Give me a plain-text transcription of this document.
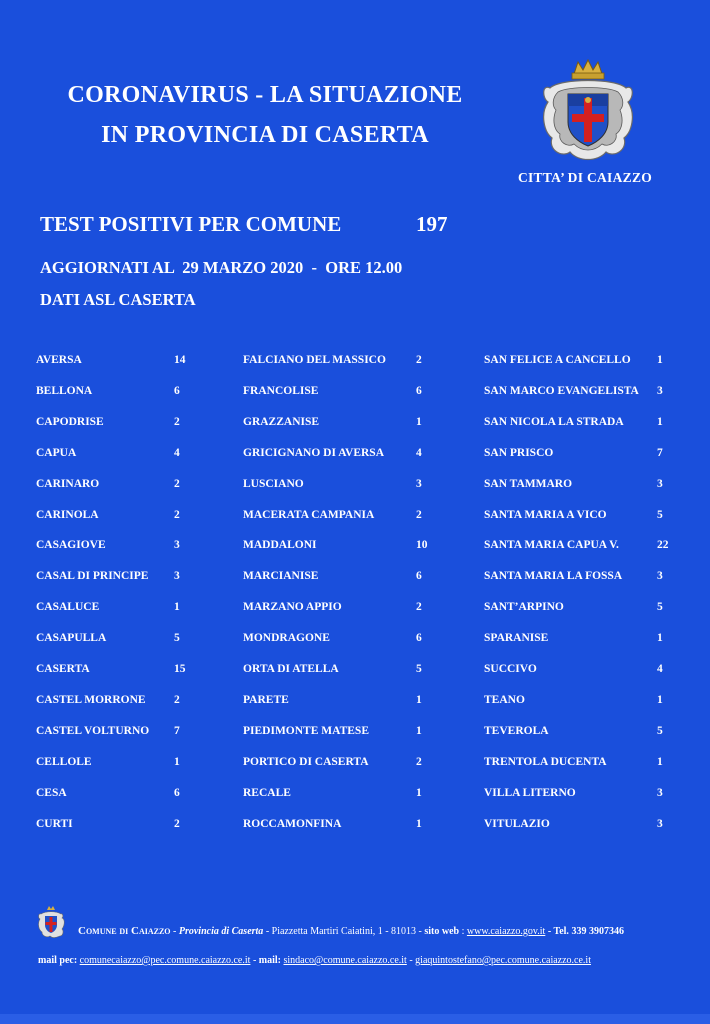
CORONAVIRUS - LA SITUAZIONE
IN PROVINCIA DI CASERTA
CITTA’ DI CAIAZZO
TEST POSITIVI PER COMUNE	197
AGGIORNATI AL  29 MARZO 2020  -  ORE 12.00
DATI ASL CASERTA
AVERSA	14
BELLONA	6
CAPODRISE	2
CAPUA	4
CARINARO	2
CARINOLA	2
CASAGIOVE	3
CASAL DI PRINCIPE 3
CASALUCE	1
CASAPULLA	5
CASERTA	15
CASTEL MORRONE 2
CASTEL VOLTURNO 7
CELLOLE	1
CESA	6
CURTI	2
FALCIANO DEL MASSICO	2
FRANCOLISE	6
GRAZZANISE	1
GRICIGNANO DI AVERSA	4
LUSCIANO	3
MACERATA CAMPANIA	2
MADDALONI	10
MARCIANISE	6
MARZANO APPIO	2
MONDRAGONE	6
ORTA DI ATELLA	5
PARETE	1
PIEDIMONTE MATESE	1
PORTICO DI CASERTA	2
RECALE	1
ROCCAMONFINA	1
SAN FELICE A CANCELLO 1
SAN MARCO EVANGELISTA 3
SAN NICOLA LA STRADA	1
SAN PRISCO	7
SAN TAMMARO	3
SANTA MARIA A VICO	5
SANTA MARIA CAPUA V.	22
SANTA MARIA LA FOSSA	3
SANT’ARPINO	5
SPARANISE	1
SUCCIVO	4
TEANO	1
TEVEROLA	5
TRENTOLA DUCENTA	1
VILLA LITERNO	3
VITULAZIO	3
Comune di Caiazzo - Provincia di Caserta - Piazzetta Martiri Caiatini, 1 - 81013 - sito web : www.caiazzo.gov.it - Tel. 339 3907346
mail pec: comunecaiazzo@pec.comune.caiazzo.ce.it - mail: sindaco@comune.caiazzo.ce.it - giaquintostefano@pec.comune.caiazzo.ce.it
